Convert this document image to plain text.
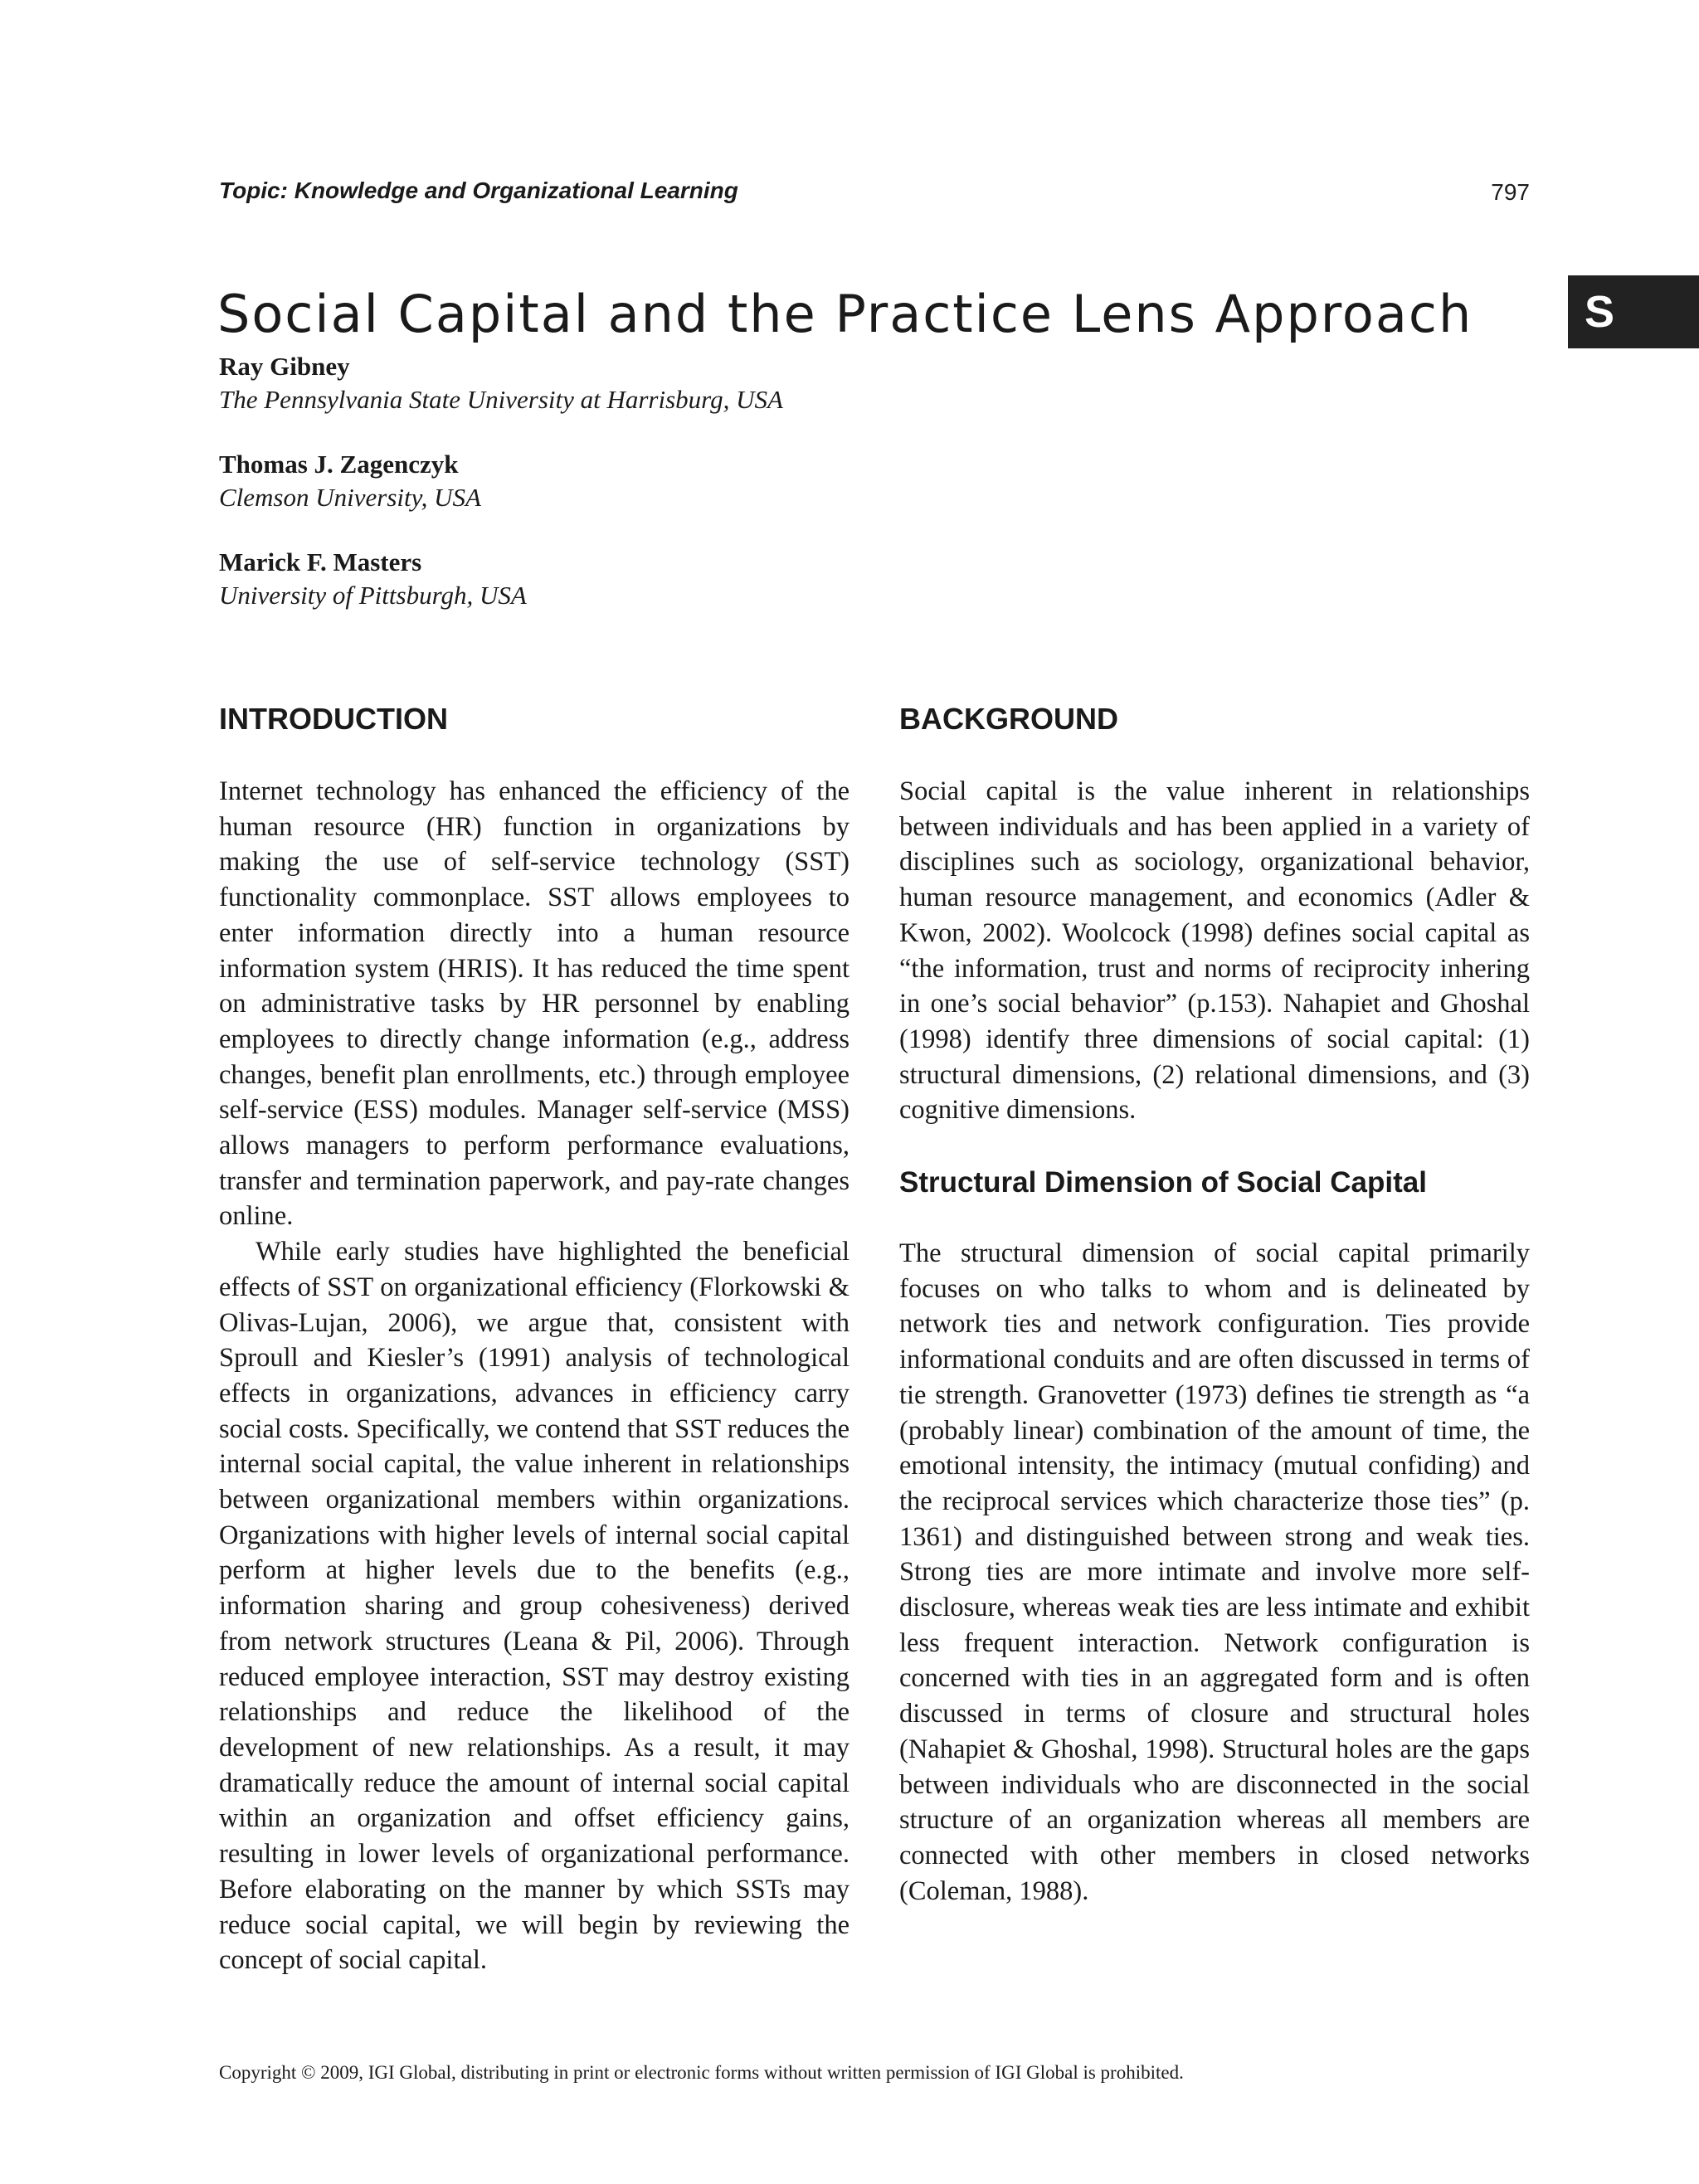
Topic: Knowledge and Organizational Learning	797
Social Capital and the Practice Lens Approach	S
Ray Gibney
The Pennsylvania State University at Harrisburg, USA
Thomas J. Zagenczyk
Clemson University, USA
Marick F. Masters
University of Pittsburgh, USA
INTRODUCTION

Internet technology has enhanced the efficiency of the human resource (HR) function in organizations by making the use of self-service technology (SST) functionality commonplace. SST allows employees to enter information directly into a human resource information system (HRIS). It has reduced the time spent on administrative tasks by HR personnel by enabling employees to directly change information (e.g., address changes, benefit plan enrollments, etc.) through employee self-service (ESS) modules. Manager self-service (MSS) allows managers to perform performance evaluations, transfer and termination paperwork, and pay-rate changes online.

While early studies have highlighted the beneficial effects of SST on organizational efficiency (Florkowski & Olivas-Lujan, 2006), we argue that, consistent with Sproull and Kiesler’s (1991) analysis of technological effects in organizations, advances in efficiency carry social costs. Specifically, we contend that SST reduces the internal social capital, the value inherent in relationships between organizational members within organizations. Organizations with higher levels of internal social capital perform at higher levels due to the benefits (e.g., information sharing and group cohesiveness) derived from network structures (Leana & Pil, 2006). Through reduced employee interaction, SST may destroy existing relationships and reduce the likelihood of the development of new relationships. As a result, it may dramatically reduce the amount of internal social capital within an organization and offset efficiency gains, resulting in lower levels of organizational performance. Before elaborating on the manner by which SSTs may reduce social capital, we will begin by reviewing the concept of social capital.

BACKGROUND

Social capital is the value inherent in relationships between individuals and has been applied in a variety of disciplines such as sociology, organizational behavior, human resource management, and economics (Adler & Kwon, 2002). Woolcock (1998) defines social capital as “the information, trust and norms of reciprocity inhering in one’s social behavior” (p.153). Nahapiet and Ghoshal (1998) identify three dimensions of social capital: (1) structural dimensions, (2) relational dimensions, and (3) cognitive dimensions.

Structural Dimension of Social Capital

The structural dimension of social capital primarily focuses on who talks to whom and is delineated by network ties and network configuration. Ties provide informational conduits and are often discussed in terms of tie strength. Granovetter (1973) defines tie strength as “a (probably linear) combination of the amount of time, the emotional intensity, the intimacy (mutual confiding) and the reciprocal services which characterize those ties” (p. 1361) and distinguished between strong and weak ties. Strong ties are more intimate and involve more self-disclosure, whereas weak ties are less intimate and exhibit less frequent interaction. Network configuration is concerned with ties in an aggregated form and is often discussed in terms of closure and structural holes (Nahapiet & Ghoshal, 1998). Structural holes are the gaps between individuals who are disconnected in the social structure of an organization whereas all members are connected with other members in closed networks (Coleman, 1988).

Copyright © 2009, IGI Global, distributing in print or electronic forms without written permission of IGI Global is prohibited.
